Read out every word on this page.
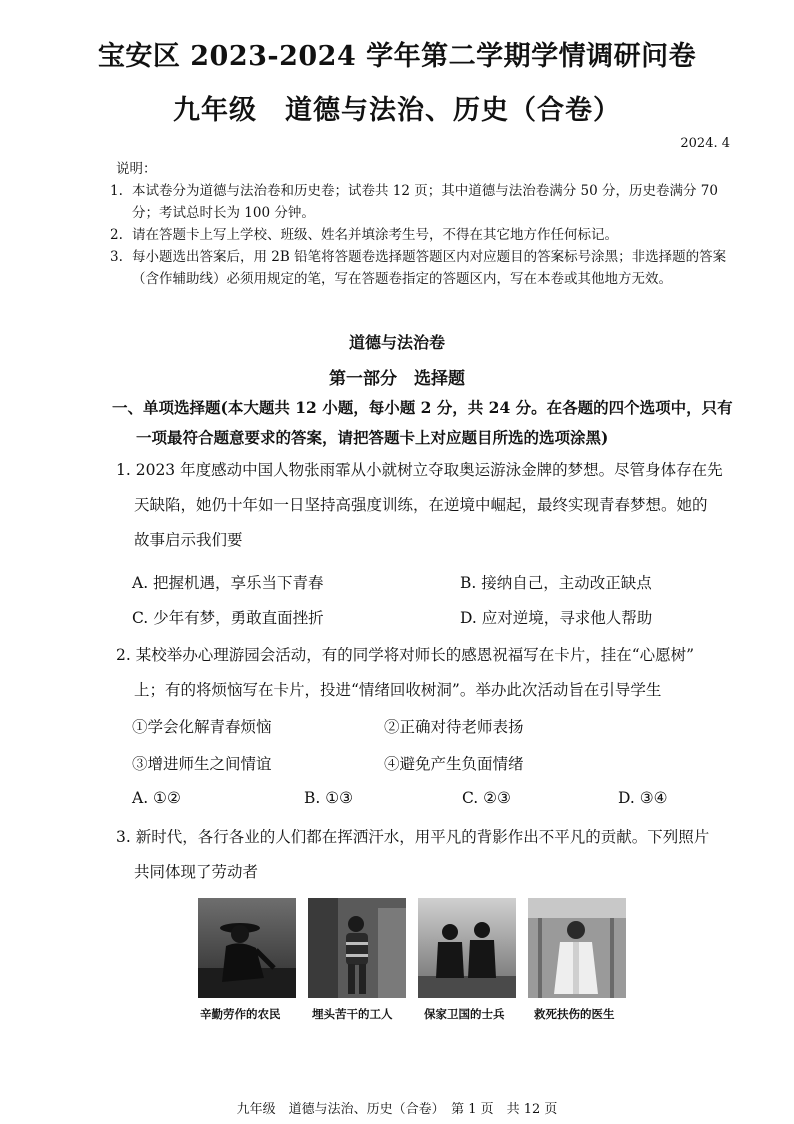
宝安区 2023-2024 学年第二学期学情调研问卷
九年级　道德与法治、历史（合卷）
2024. 4
说明：
1. 本试卷分为道德与法治卷和历史卷；试卷共 12 页；其中道德与法治卷满分 50 分，历史卷满分 70 分；考试总时长为 100 分钟。
2. 请在答题卡上写上学校、班级、姓名并填涂考生号，不得在其它地方作任何标记。
3. 每小题选出答案后，用 2B 铅笔将答题卷选择题答题区内对应题目的答案标号涂黑；非选择题的答案（含作辅助线）必须用规定的笔，写在答题卷指定的答题区内，写在本卷或其他地方无效。
道德与法治卷
第一部分　选择题
一、单项选择题(本大题共 12 小题，每小题 2 分，共 24 分。在各题的四个选项中，只有
一项最符合题意要求的答案，请把答题卡上对应题目所选的选项涂黑)
1. 2023 年度感动中国人物张雨霏从小就树立夺取奥运游泳金牌的梦想。尽管身体存在先
天缺陷，她仍十年如一日坚持高强度训练，在逆境中崛起，最终实现青春梦想。她的
故事启示我们要
A. 把握机遇，享乐当下青春	B. 接纳自己，主动改正缺点
C. 少年有梦，勇敢直面挫折	D. 应对逆境，寻求他人帮助
2. 某校举办心理游园会活动，有的同学将对师长的感恩祝福写在卡片，挂在“心愿树”
上；有的将烦恼写在卡片，投进“情绪回收树洞”。举办此次活动旨在引导学生
①学会化解青春烦恼	②正确对待老师表扬
③增进师生之间情谊	④避免产生负面情绪
A. ①②	B. ①③	C. ②③	D. ③④
3. 新时代，各行各业的人们都在挥洒汗水，用平凡的背影作出不平凡的贡献。下列照片
共同体现了劳动者
辛勤劳作的农民	埋头苦干的工人	保家卫国的士兵	救死扶伤的医生
九年级　道德与法治、历史（合卷）　第 1 页　共 12 页
